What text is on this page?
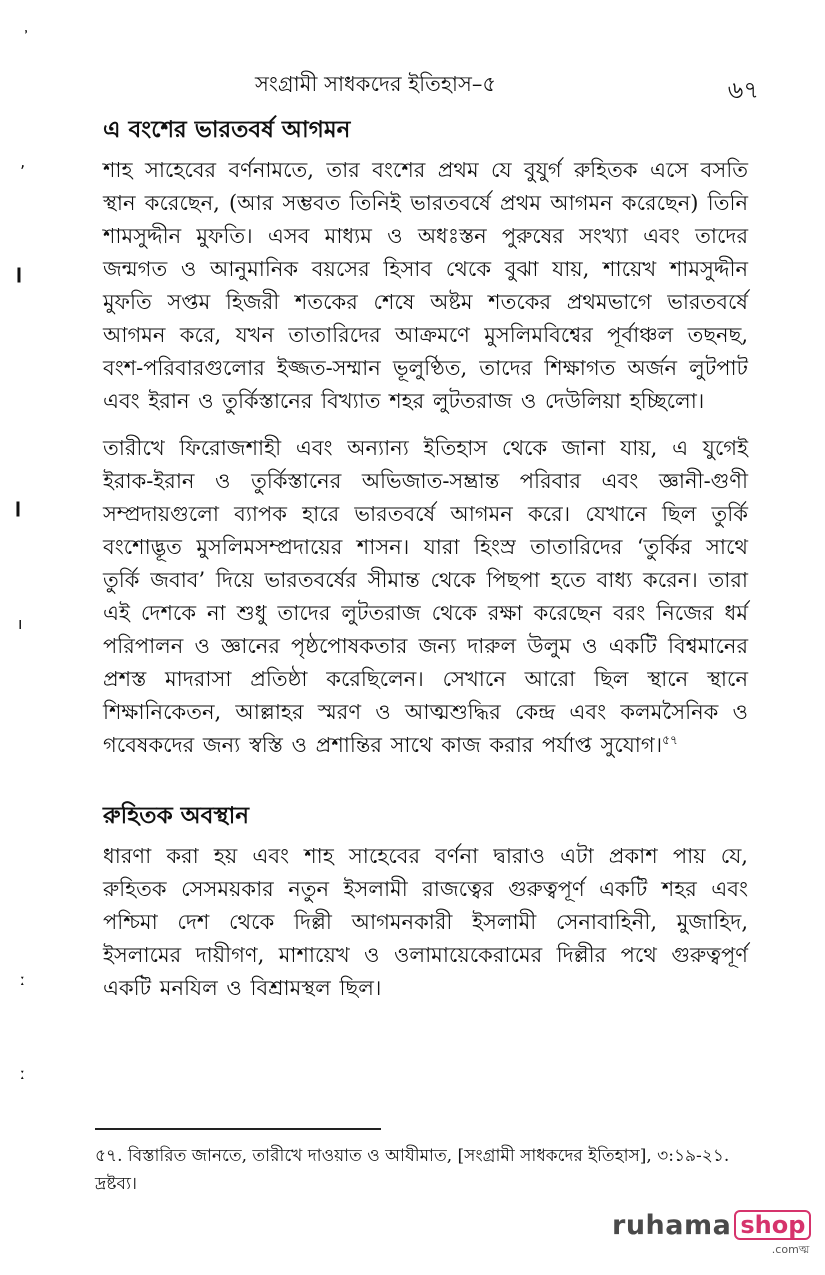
᾿
‚
ǀ
ǀ
ı
ː
ː
সংগ্রামী সাধকদের ইতিহাস–৫	৬৭
এ বংশের ভারতবর্ষ আগমন

শাহ সাহেবের বর্ণনামতে, তার বংশের প্রথম যে বুযুর্গ রুহিতক এসে বসতি স্থান করেছেন, (আর সম্ভবত তিনিই ভারতবর্ষে প্রথম আগমন করেছেন) তিনি শামসুদ্দীন মুফতি। এসব মাধ্যম ও অধঃস্তন পুরুষের সংখ্যা এবং তাদের জন্মগত ও আনুমানিক বয়সের হিসাব থেকে বুঝা যায়, শায়েখ শামসুদ্দীন মুফতি সপ্তম হিজরী শতকের শেষে অষ্টম শতকের প্রথমভাগে ভারতবর্ষে আগমন করে, যখন তাতারিদের আক্রমণে মুসলিমবিশ্বের পূর্বাঞ্চল তছনছ, বংশ-পরিবারগুলোর ইজ্জত-সম্মান ভূলুণ্ঠিত, তাদের শিক্ষাগত অর্জন লুটপাট এবং ইরান ও তুর্কিস্তানের বিখ্যাত শহর লুটতরাজ ও দেউলিয়া হচ্ছিলো।

তারীখে ফিরোজশাহী এবং অন্যান্য ইতিহাস থেকে জানা যায়, এ যুগেই ইরাক-ইরান ও তুর্কিস্তানের অভিজাত-সম্ভ্রান্ত পরিবার এবং জ্ঞানী-গুণী সম্প্রদায়গুলো ব্যাপক হারে ভারতবর্ষে আগমন করে। যেখানে ছিল তুর্কি বংশোদ্ভূত মুসলিমসম্প্রদায়ের শাসন। যারা হিংস্র তাতারিদের ‘তুর্কির সাথে তুর্কি জবাব’ দিয়ে ভারতবর্ষের সীমান্ত থেকে পিছপা হতে বাধ্য করেন। তারা এই দেশকে না শুধু তাদের লুটতরাজ থেকে রক্ষা করেছেন বরং নিজের ধর্ম পরিপালন ও জ্ঞানের পৃষ্ঠপোষকতার জন্য দারুল উলুম ও একটি বিশ্বমানের প্রশস্ত মাদরাসা প্রতিষ্ঠা করেছিলেন। সেখানে আরো ছিল স্থানে স্থানে শিক্ষানিকেতন, আল্লাহর স্মরণ ও আত্মশুদ্ধির কেন্দ্র এবং কলমসৈনিক ও গবেষকদের জন্য স্বস্তি ও প্রশান্তির সাথে কাজ করার পর্যাপ্ত সুযোগ।$^{৫৭}$

রুহিতক অবস্থান

ধারণা করা হয় এবং শাহ সাহেবের বর্ণনা দ্বারাও এটা প্রকাশ পায় যে, রুহিতক সেসময়কার নতুন ইসলামী রাজত্বের গুরুত্বপূর্ণ একটি শহর এবং পশ্চিমা দেশ থেকে দিল্লী আগমনকারী ইসলামী সেনাবাহিনী, মুজাহিদ, ইসলামের দায়ীগণ, মাশায়েখ ও ওলামায়েকেরামের দিল্লীর পথে গুরুত্বপূর্ণ একটি মনযিল ও বিশ্রামস্থল ছিল।

৫৭. বিস্তারিত জানতে, তারীখে দাওয়াত ও আযীমাত, [সংগ্রামী সাধকদের ইতিহাস], ৩:১৯-২১. দ্রষ্টব্য।
ruhama shop
.comত্ম
